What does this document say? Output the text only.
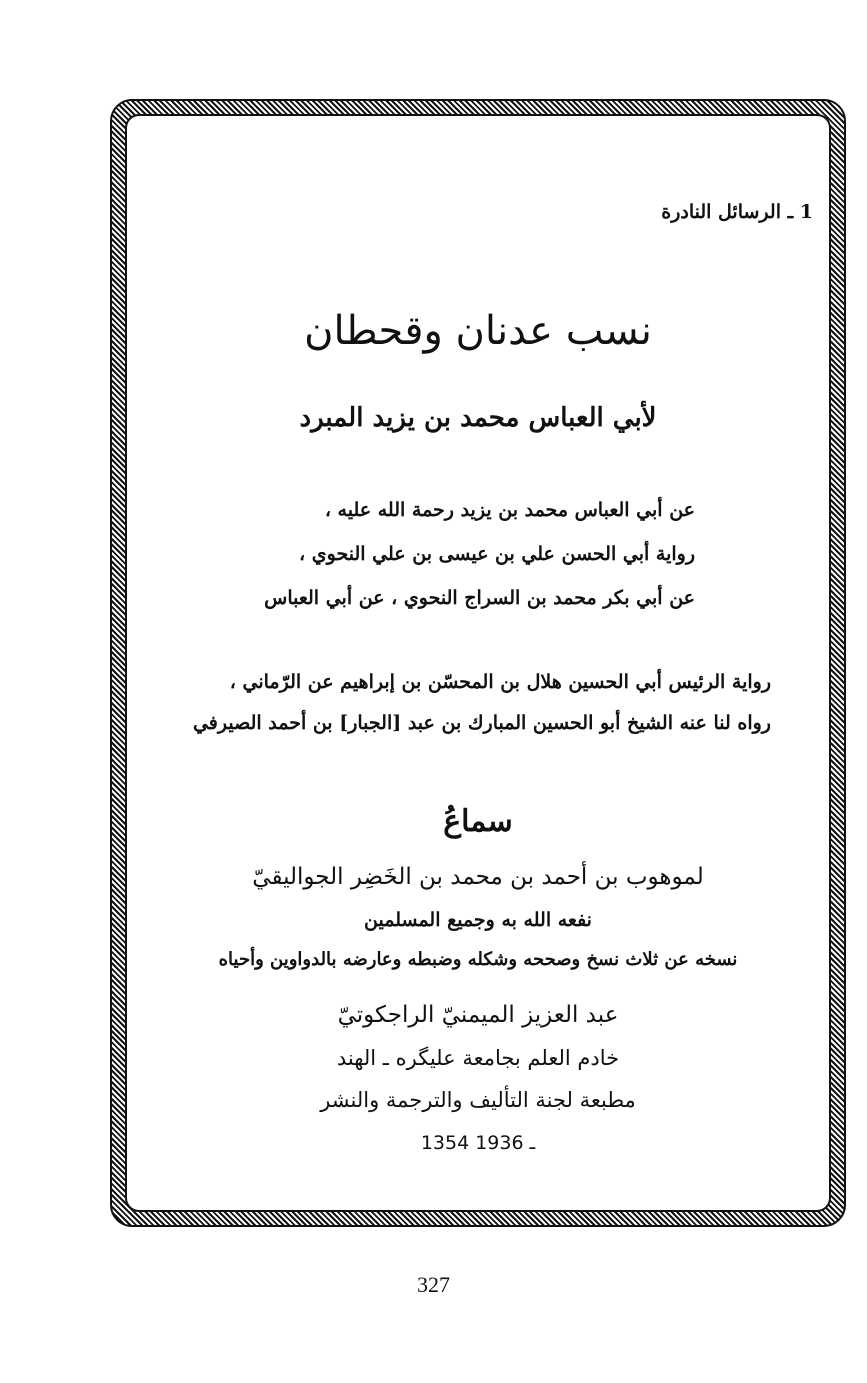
1 ـ الرسائل النادرة
نسب عدنان وقحطان
لأبي العباس محمد بن يزيد المبرد
عن أبي العباس محمد بن يزيد رحمة الله عليه ،
رواية أبي الحسن علي بن عيسى بن علي النحوي ،
عن أبي بكر محمد بن السراج النحوي ، عن أبي العباس
رواية الرئيس أبي الحسين هلال بن المحسّن بن إبراهيم عن الرّماني ،
رواه لنا عنه الشيخ أبو الحسين المبارك بن عبد [الجبار] بن أحمد الصيرفي
سماعُ
لموهوب بن أحمد بن محمد بن الخَضِر الجواليقيّ
نفعه الله به وجميع المسلمين
نسخه عن ثلاث نسخ وصححه وشكله وضبطه وعارضه بالدواوين وأحياه
عبد العزيز الميمنيّ الراجكوتيّ
خادم العلم بجامعة عليگره ـ الهند
مطبعة لجنة التأليف والترجمة والنشر
1354 ـ 1936
327
